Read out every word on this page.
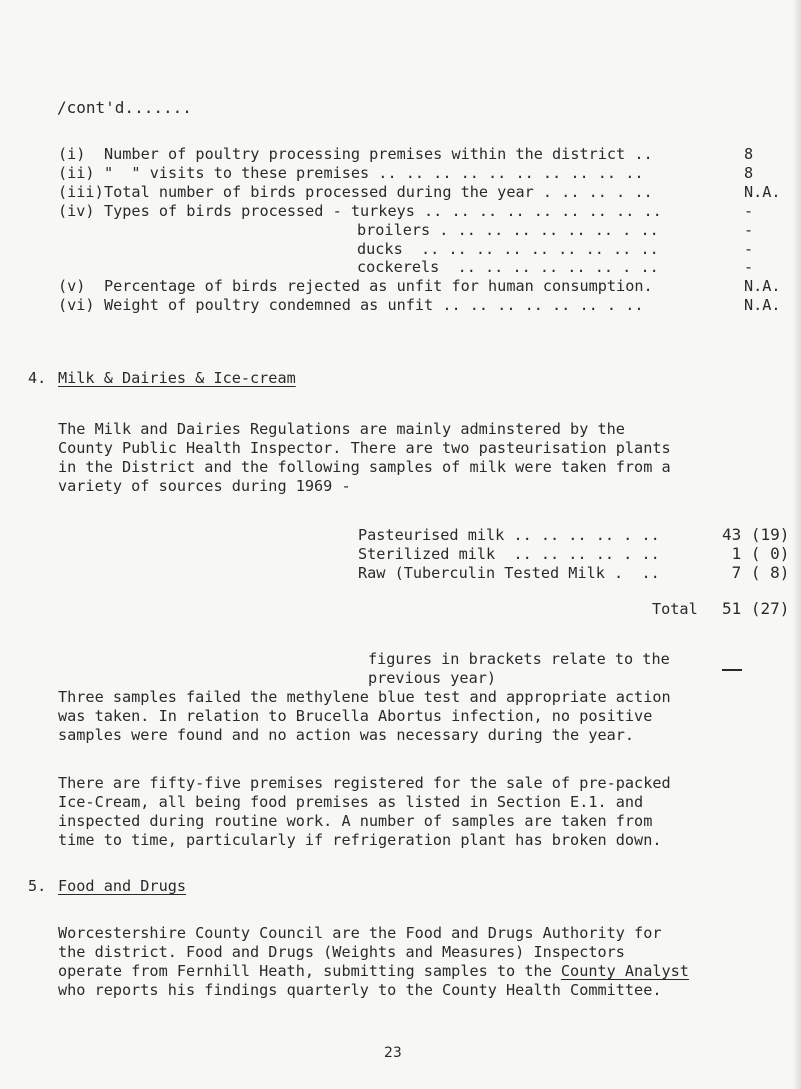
/cont'd.......
(i) Number of poultry processing premises within the district ..	8
(ii) "  " visits to these premises .. .. .. .. .. .. .. .. .. ..	8
(iii) Total number of birds processed during the year . .. .. . ..	N.A.
(iv) Types of birds processed - turkeys .. .. .. .. .. .. .. .. ..	-
broilers . .. .. .. .. .. .. . ..	-
ducks  .. .. .. .. .. .. .. .. ..	-
cockerels  .. .. .. .. .. .. . ..	-
(v) Percentage of birds rejected as unfit for human consumption.	N.A.
(vi) Weight of poultry condemned as unfit .. .. .. .. .. .. . ..	N.A.
4. Milk & Dairies & Ice-cream
The Milk and Dairies Regulations are mainly adminstered by the
County Public Health Inspector. There are two pasteurisation plants
in the District and the following samples of milk were taken from a
variety of sources during 1969 -
Pasteurised milk .. .. .. .. . ..	43 (19)
Sterilized milk  .. .. .. .. . ..	1 ( 0)
Raw (Tuberculin Tested Milk .  ..	7 ( 8)
Total 51 (27)
figures in brackets relate to the
previous year)
Three samples failed the methylene blue test and appropriate action
was taken. In relation to Brucella Abortus infection, no positive
samples were found and no action was necessary during the year.
There are fifty-five premises registered for the sale of pre-packed
Ice-Cream, all being food premises as listed in Section E.1. and
inspected during routine work. A number of samples are taken from
time to time, particularly if refrigeration plant has broken down.
5. Food and Drugs
Worcestershire County Council are the Food and Drugs Authority for
the district. Food and Drugs (Weights and Measures) Inspectors
operate from Fernhill Heath, submitting samples to the County Analyst
who reports his findings quarterly to the County Health Committee.
23
